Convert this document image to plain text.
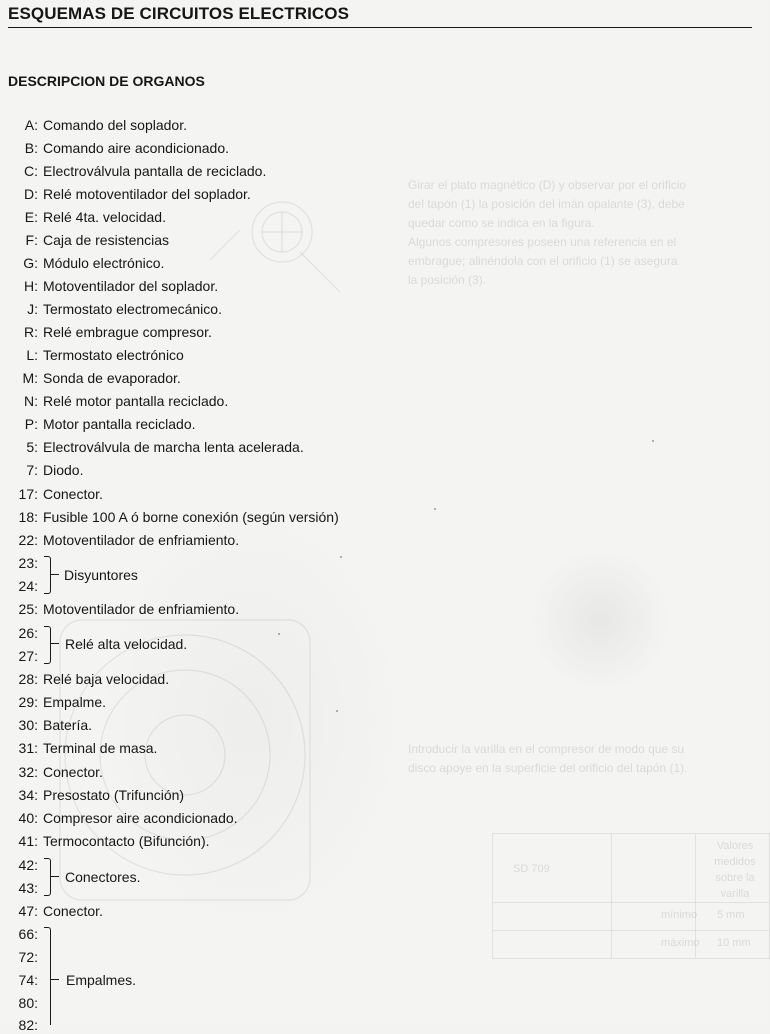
Girar el plato magnético (D) y observar por el orificio
del tapón (1) la posición del imán opalante (3), debe
quedar como se indica en la figura.
Algunos compresores poseen una referencia en el
embrague; alinéndola con el orificio (1) se asegura
la posición (3).
Introducir la varilla en el compresor de modo que su
disco apoye en la superficie del orificio del tapón (1).
Valores medidos sobre la varilla
SD 709
mínimo 5 mm
máximo 10 mm
ESQUEMAS DE CIRCUITOS ELECTRICOS
DESCRIPCION DE ORGANOS
A: Comando del soplador.
B: Comando aire acondicionado.
C: Electroválvula pantalla de reciclado.
D: Relé motoventilador del soplador.
E: Relé 4ta. velocidad.
F: Caja de resistencias
G: Módulo electrónico.
H: Motoventilador del soplador.
J: Termostato electromecánico.
R: Relé embrague compresor.
L: Termostato electrónico
M: Sonda de evaporador.
N: Relé motor pantalla reciclado.
P: Motor pantalla reciclado.
5: Electroválvula de marcha lenta acelerada.
7: Diodo.
17: Conector.
18: Fusible 100 A ó borne conexión (según versión)
22: Motoventilador de enfriamiento.
23:
24:
Disyuntores
25: Motoventilador de enfriamiento.
26:
27:
Relé alta velocidad.
28: Relé baja velocidad.
29: Empalme.
30: Batería.
31: Terminal de masa.
32: Conector.
34: Presostato (Trifunción)
40: Compresor aire acondicionado.
41: Termocontacto (Bifunción).
42:
43:
Conectores.
47: Conector.
66:
72:
74:
80:
82:
Empalmes.
